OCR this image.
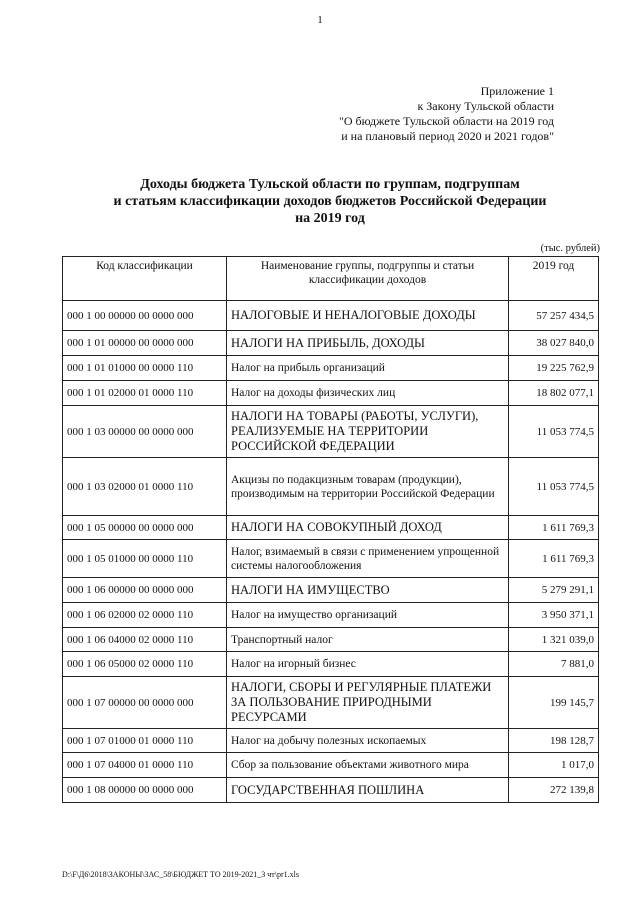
1
Приложение 1
к Закону Тульской области
"О бюджете Тульской области на 2019 год
и на плановый период 2020 и 2021 годов"
Доходы бюджета Тульской области по группам, подгруппам
и статьям классификации доходов бюджетов Российской Федерации
на 2019 год
(тыс. рублей)
Код классификации	Наименование группы, подгруппы и статьи классификации доходов	2019 год
000 1 00 00000 00 0000 000	НАЛОГОВЫЕ И НЕНАЛОГОВЫЕ ДОХОДЫ	57 257 434,5
000 1 01 00000 00 0000 000	НАЛОГИ НА ПРИБЫЛЬ, ДОХОДЫ	38 027 840,0
000 1 01 01000 00 0000 110	Налог на прибыль организаций	19 225 762,9
000 1 01 02000 01 0000 110	Налог на доходы физических лиц	18 802 077,1
000 1 03 00000 00 0000 000	НАЛОГИ НА ТОВАРЫ (РАБОТЫ, УСЛУГИ), РЕАЛИЗУЕМЫЕ НА ТЕРРИТОРИИ РОССИЙСКОЙ ФЕДЕРАЦИИ	11 053 774,5
000 1 03 02000 01 0000 110	Акцизы по подакцизным товарам (продукции), производимым на территории Российской Федерации	11 053 774,5
000 1 05 00000 00 0000 000	НАЛОГИ НА СОВОКУПНЫЙ ДОХОД	1 611 769,3
000 1 05 01000 00 0000 110	Налог, взимаемый в связи с применением упрощенной системы налогообложения	1 611 769,3
000 1 06 00000 00 0000 000	НАЛОГИ НА ИМУЩЕСТВО	5 279 291,1
000 1 06 02000 02 0000 110	Налог на имущество организаций	3 950 371,1
000 1 06 04000 02 0000 110	Транспортный налог	1 321 039,0
000 1 06 05000 02 0000 110	Налог на игорный бизнес	7 881,0
000 1 07 00000 00 0000 000	НАЛОГИ, СБОРЫ И РЕГУЛЯРНЫЕ ПЛАТЕЖИ ЗА ПОЛЬЗОВАНИЕ ПРИРОДНЫМИ РЕСУРСАМИ	199 145,7
000 1 07 01000 01 0000 110	Налог на добычу полезных ископаемых	198 128,7
000 1 07 04000 01 0000 110	Сбор за пользование объектами животного мира	1 017,0
000 1 08 00000 00 0000 000	ГОСУДАРСТВЕННАЯ ПОШЛИНА	272 139,8
D:\F\Д6\2018\ЗАКОНЫ\ЗАС_58\БЮДЖЕТ ТО 2019-2021_3 чт\pr1.xls
